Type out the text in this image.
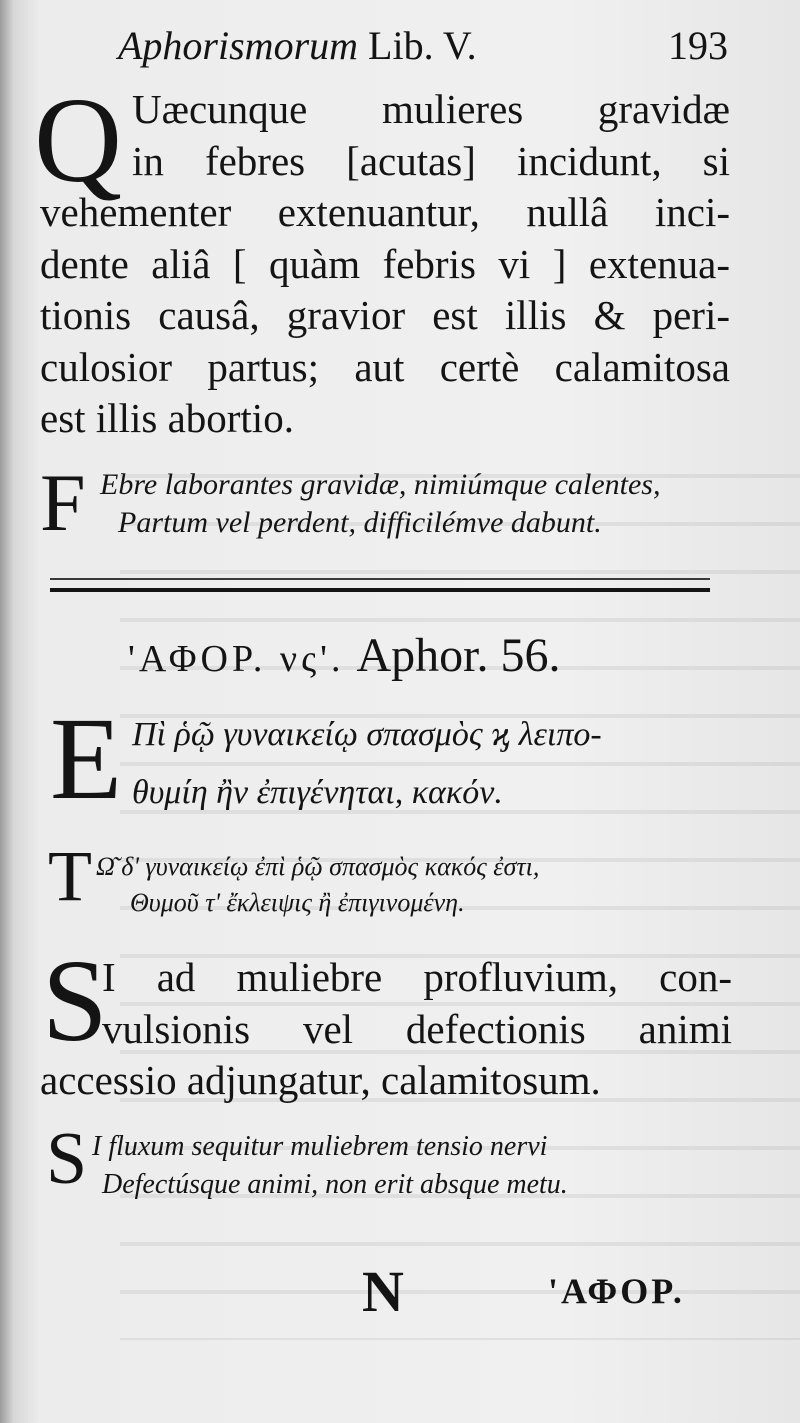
Aphorismorum Lib. V.	193
Q Uæcunque mulieres gravidæ
in febres [acutas] incidunt, si
vehementer extenuantur, nullâ inci-
dente aliâ [ quàm febris vi ] extenua-
tionis causâ, gravior est illis & peri-
culosior partus; aut certè calamitosa
est illis abortio.
F Ebre laborantes gravidæ, nimiúmque calentes,
Partum vel perdent, difficilémve dabunt.
'ΑΦΟΡ. νς'. Aphor. 56.
E Πὶ ῥῷ γυναικείῳ σπασμὸς ϗ λειπο-
θυμίη ἢν ἐπιγένηται, κακόν.
T Ω͂ δ' γυναικείῳ ἐπὶ ῥῷ σπασμὸς κακός ἐστι,
Θυμοῦ τ' ἔκλειψις ἢ ἐπιγινομένη.
S
I ad muliebre profluvium, con-
vulsionis vel defectionis animi
accessio adjungatur, calamitosum.
S I fluxum sequitur muliebrem tensio nervi
Defectúsque animi, non erit absque metu.
N	'ΑΦΟΡ.
